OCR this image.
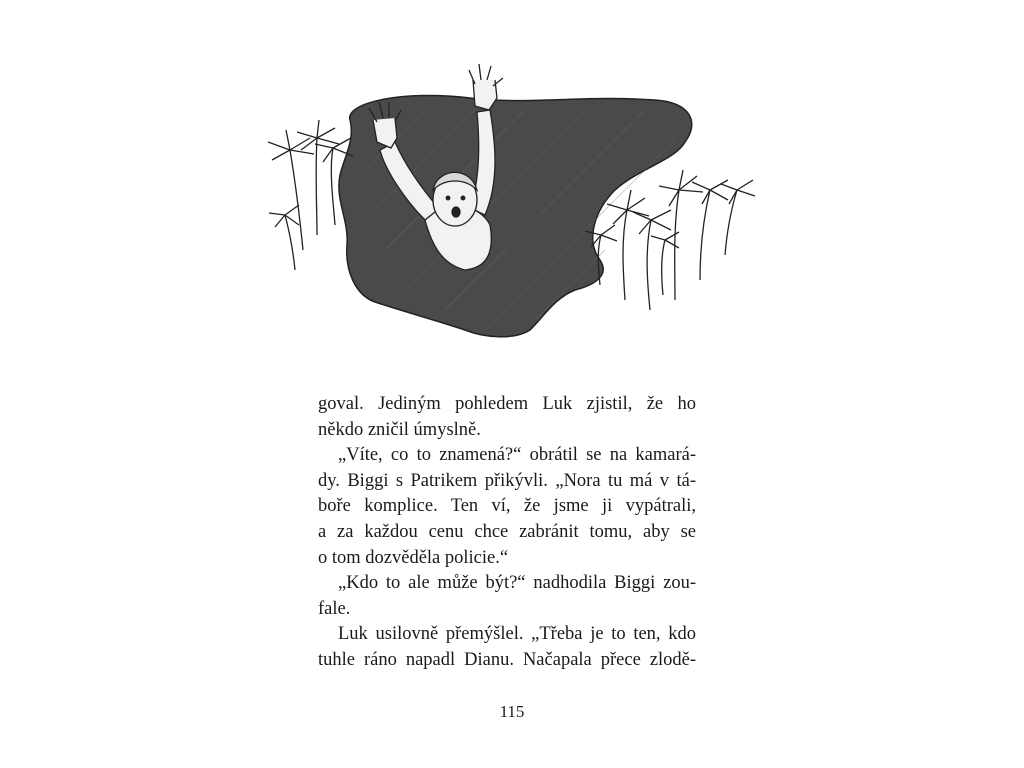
goval. Jediným pohledem Luk zjistil, že ho
někdo zničil úmyslně.
„Víte, co to znamená?“ obrátil se na kamará-
dy. Biggi s Patrikem přikývli. „Nora tu má v tá-
boře komplice. Ten ví, že jsme ji vypátrali,
a za každou cenu chce zabránit tomu, aby se
o tom dozvěděla policie.“
„Kdo to ale může být?“ nadhodila Biggi zou-
fale.
Luk usilovně přemýšlel. „Třeba je to ten, kdo
tuhle ráno napadl Dianu. Načapala přece zlodě-
115
